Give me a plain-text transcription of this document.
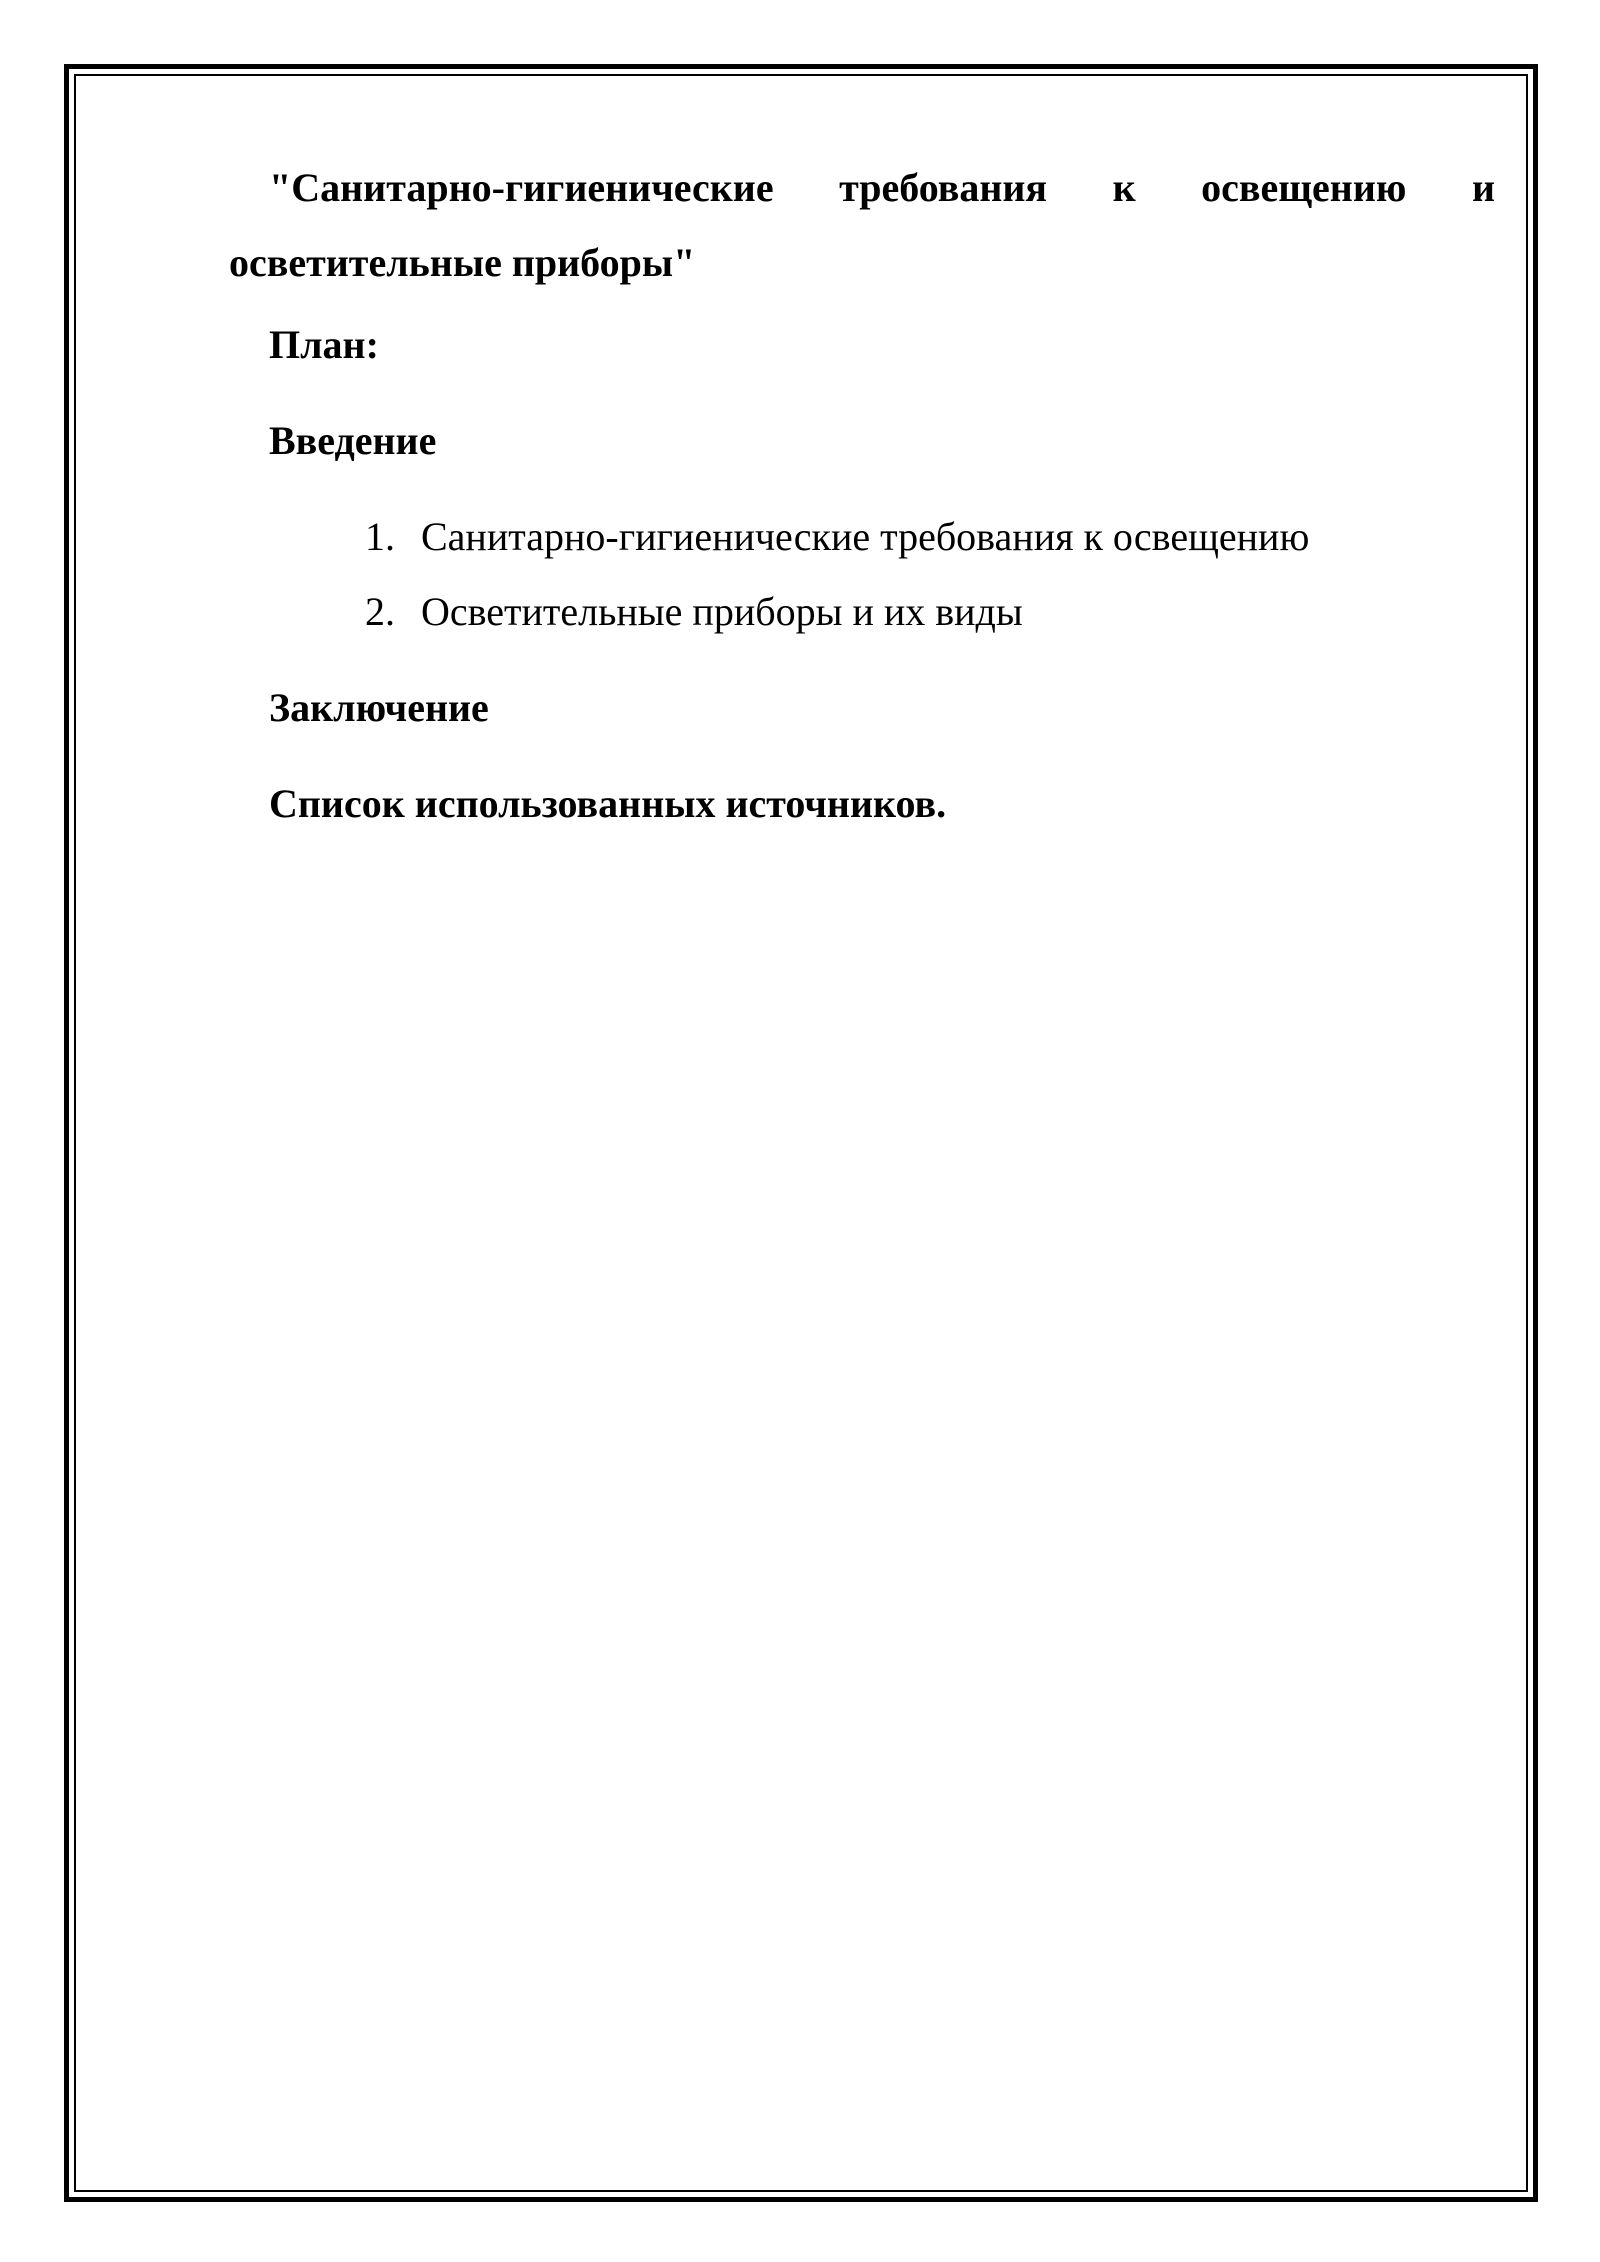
"Санитарно-гигиенические требования к освещению и осветительные приборы"

План:

Введение

1. Санитарно-гигиенические требования к освещению
2. Осветительные приборы и их виды

Заключение

Список использованных источников.
